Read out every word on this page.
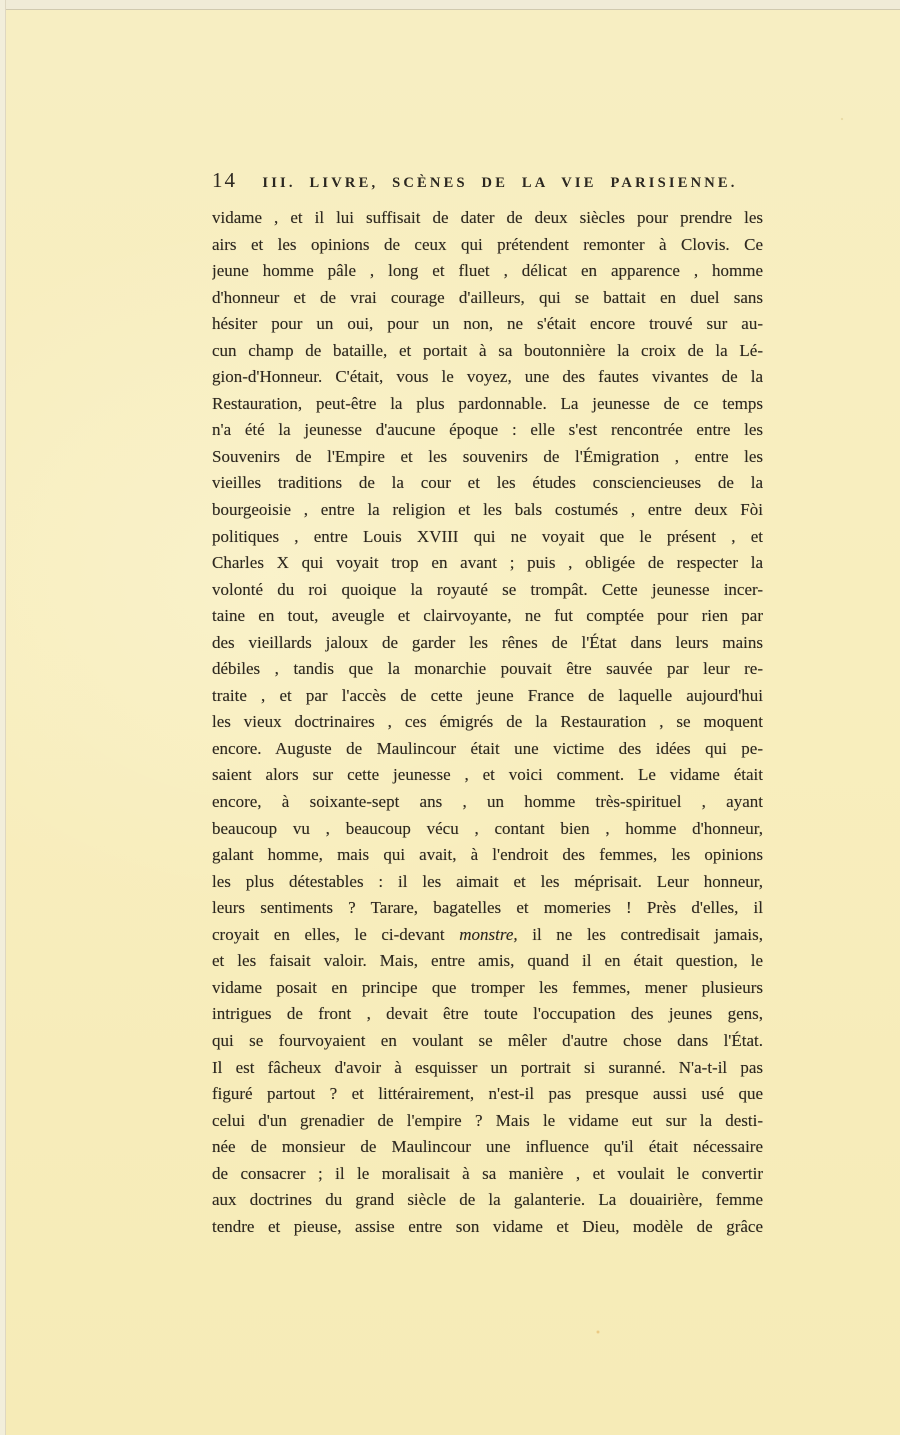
14	III. LIVRE, SCÈNES DE LA VIE PARISIENNE.
vidame , et il lui suffisait de dater de deux siècles pour prendre les
airs et les opinions de ceux qui prétendent remonter à Clovis. Ce
jeune homme pâle , long et fluet , délicat en apparence , homme
d'honneur et de vrai courage d'ailleurs, qui se battait en duel sans
hésiter pour un oui, pour un non, ne s'était encore trouvé sur au-
cun champ de bataille, et portait à sa boutonnière la croix de la Lé-
gion-d'Honneur. C'était, vous le voyez, une des fautes vivantes de la
Restauration, peut-être la plus pardonnable. La jeunesse de ce temps
n'a été la jeunesse d'aucune époque : elle s'est rencontrée entre les
Souvenirs de l'Empire et les souvenirs de l'Émigration , entre les
vieilles traditions de la cour et les études consciencieuses de la
bourgeoisie , entre la religion et les bals costumés , entre deux Fòi
politiques , entre Louis XVIII qui ne voyait que le présent , et
Charles X qui voyait trop en avant ; puis , obligée de respecter la
volonté du roi quoique la royauté se trompât. Cette jeunesse incer-
taine en tout, aveugle et clairvoyante, ne fut comptée pour rien par
des vieillards jaloux de garder les rênes de l'État dans leurs mains
débiles , tandis que la monarchie pouvait être sauvée par leur re-
traite , et par l'accès de cette jeune France de laquelle aujourd'hui
les vieux doctrinaires , ces émigrés de la Restauration , se moquent
encore. Auguste de Maulincour était une victime des idées qui pe-
saient alors sur cette jeunesse , et voici comment. Le vidame était
encore, à soixante-sept ans , un homme très-spirituel , ayant
beaucoup vu , beaucoup vécu , contant bien , homme d'honneur,
galant homme, mais qui avait, à l'endroit des femmes, les opinions
les plus détestables : il les aimait et les méprisait. Leur honneur,
leurs sentiments ? Tarare, bagatelles et momeries ! Près d'elles, il
croyait en elles, le ci-devant monstre, il ne les contredisait jamais,
et les faisait valoir. Mais, entre amis, quand il en était question, le
vidame posait en principe que tromper les femmes, mener plusieurs
intrigues de front , devait être toute l'occupation des jeunes gens,
qui se fourvoyaient en voulant se mêler d'autre chose dans l'État.
Il est fâcheux d'avoir à esquisser un portrait si suranné. N'a-t-il pas
figuré partout ? et littérairement, n'est-il pas presque aussi usé que
celui d'un grenadier de l'empire ? Mais le vidame eut sur la desti-
née de monsieur de Maulincour une influence qu'il était nécessaire
de consacrer ; il le moralisait à sa manière , et voulait le convertir
aux doctrines du grand siècle de la galanterie. La douairière, femme
tendre et pieuse, assise entre son vidame et Dieu, modèle de grâce
